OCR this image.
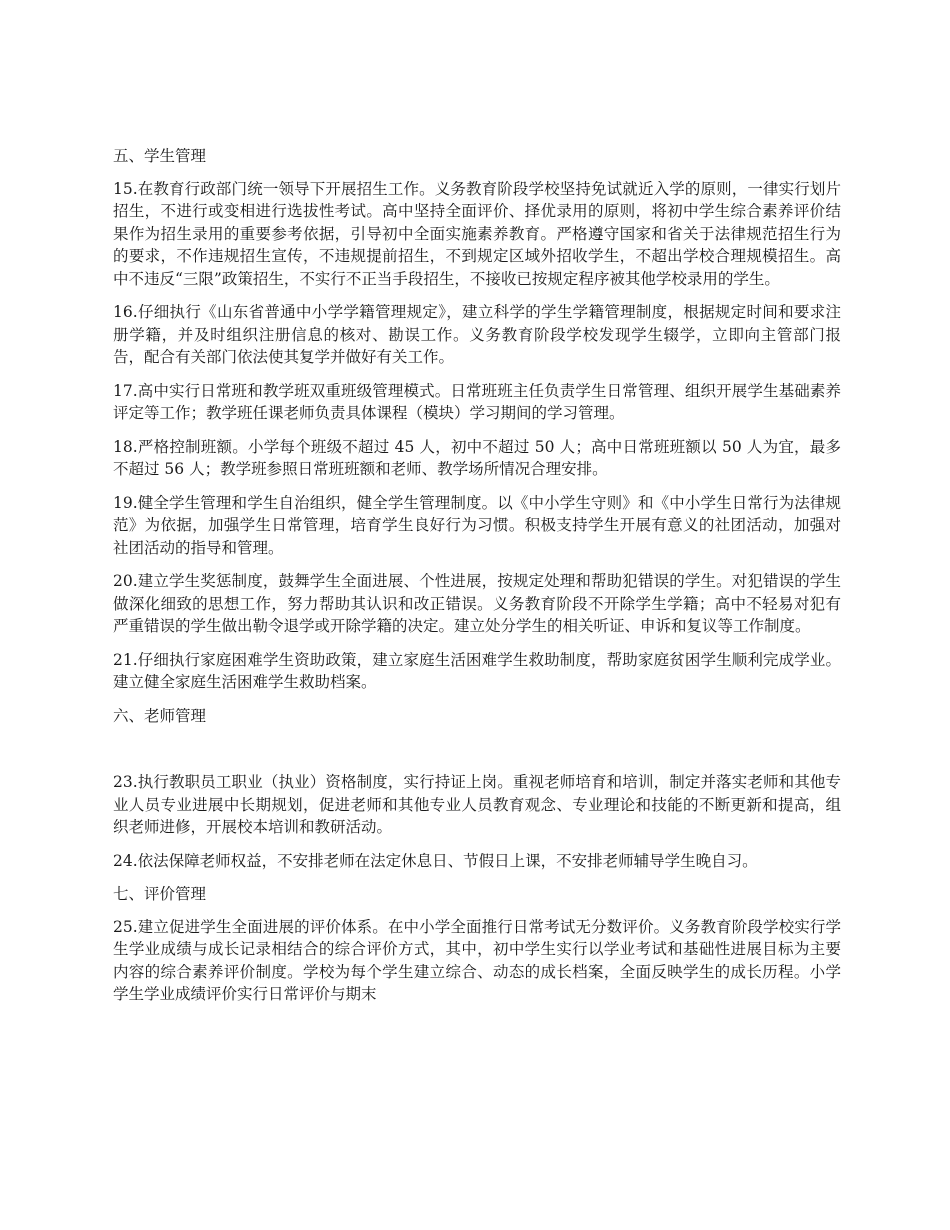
五、学生管理
15.在教育行政部门统一领导下开展招生工作。义务教育阶段学校坚持免试就近入学的原则，一律实行划片招生，不进行或变相进行选拔性考试。高中坚持全面评价、择优录用的原则，将初中学生综合素养评价结果作为招生录用的重要参考依据，引导初中全面实施素养教育。严格遵守国家和省关于法律规范招生行为的要求，不作违规招生宣传，不违规提前招生，不到规定区域外招收学生，不超出学校合理规模招生。高中不违反“三限”政策招生，不实行不正当手段招生，不接收已按规定程序被其他学校录用的学生。
16.仔细执行《山东省普通中小学学籍管理规定》，建立科学的学生学籍管理制度，根据规定时间和要求注册学籍，并及时组织注册信息的核对、勘误工作。义务教育阶段学校发现学生辍学，立即向主管部门报告，配合有关部门依法使其复学并做好有关工作。
17.高中实行日常班和教学班双重班级管理模式。日常班班主任负责学生日常管理、组织开展学生基础素养评定等工作；教学班任课老师负责具体课程（模块）学习期间的学习管理。
18.严格控制班额。小学每个班级不超过 45 人，初中不超过 50 人；高中日常班班额以 50 人为宜，最多不超过 56 人；教学班参照日常班班额和老师、教学场所情况合理安排。
19.健全学生管理和学生自治组织，健全学生管理制度。以《中小学生守则》和《中小学生日常行为法律规范》为依据，加强学生日常管理，培育学生良好行为习惯。积极支持学生开展有意义的社团活动，加强对社团活动的指导和管理。
20.建立学生奖惩制度，鼓舞学生全面进展、个性进展，按规定处理和帮助犯错误的学生。对犯错误的学生做深化细致的思想工作，努力帮助其认识和改正错误。义务教育阶段不开除学生学籍；高中不轻易对犯有严重错误的学生做出勒令退学或开除学籍的决定。建立处分学生的相关听证、申诉和复议等工作制度。
21.仔细执行家庭困难学生资助政策，建立家庭生活困难学生救助制度，帮助家庭贫困学生顺利完成学业。建立健全家庭生活困难学生救助档案。
六、老师管理
23.执行教职员工职业（执业）资格制度，实行持证上岗。重视老师培育和培训，制定并落实老师和其他专业人员专业进展中长期规划，促进老师和其他专业人员教育观念、专业理论和技能的不断更新和提高，组织老师进修，开展校本培训和教研活动。
24.依法保障老师权益，不安排老师在法定休息日、节假日上课，不安排老师辅导学生晚自习。
七、评价管理
25.建立促进学生全面进展的评价体系。在中小学全面推行日常考试无分数评价。义务教育阶段学校实行学生学业成绩与成长记录相结合的综合评价方式，其中，初中学生实行以学业考试和基础性进展目标为主要内容的综合素养评价制度。学校为每个学生建立综合、动态的成长档案，全面反映学生的成长历程。小学学生学业成绩评价实行日常评价与期末
